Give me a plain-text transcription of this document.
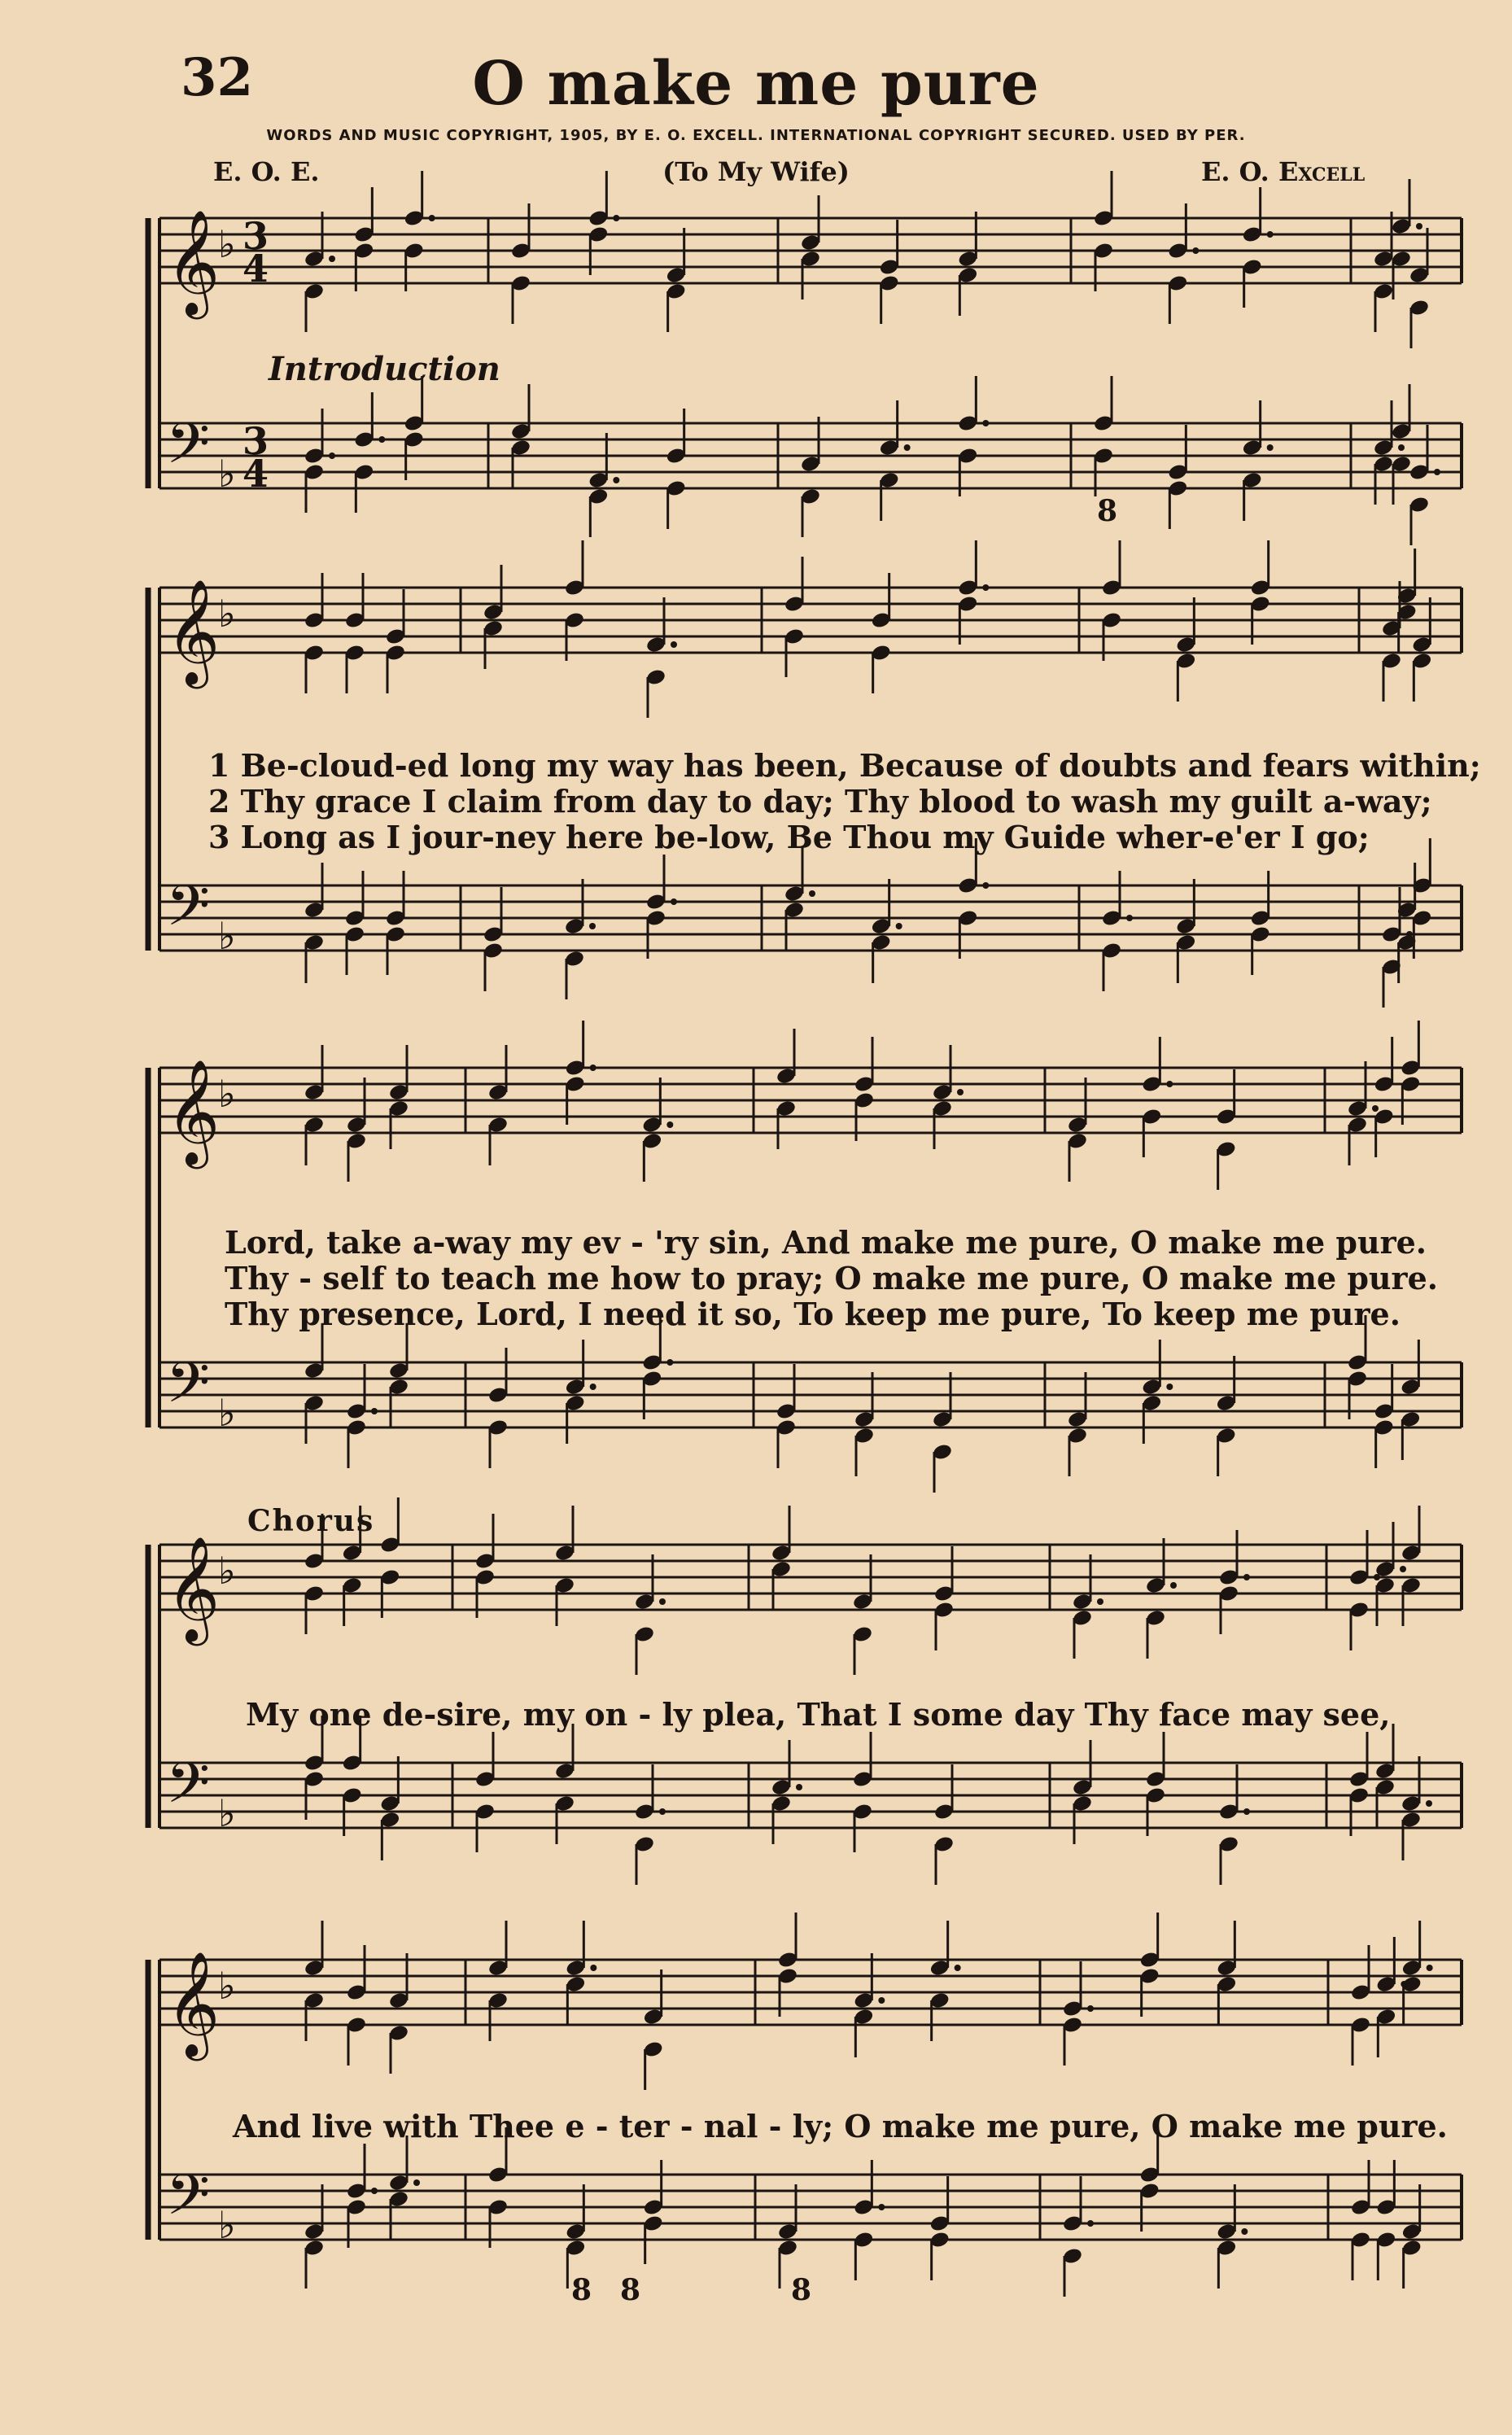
32	O make me pure
WORDS AND MUSIC COPYRIGHT, 1905, BY E. O. EXCELL. INTERNATIONAL COPYRIGHT SECURED. USED BY PER.
E. O. E.	(To My Wife)	E. O. Excell
𝄞
♭ 3
4
𝄢 ♭
3
4
𝄞
♭
𝄢 ♭
𝄞
♭
𝄢 ♭
𝄞
♭
𝄢 ♭
𝄞
♭
𝄢 ♭
8
8 8	8
Introduction
Chorus
1 Be-cloud-ed long my way has been, Because of doubts and fears within;
2 Thy grace I claim from day to day; Thy blood to wash my guilt a-way;
3 Long as I jour-ney here be-low, Be Thou my Guide wher-e'er I go;
Lord, take a-way my ev - 'ry sin, And make me pure, O make me pure.
Thy - self to teach me how to pray; O make me pure, O make me pure.
Thy presence, Lord, I need it so, To keep me pure, To keep me pure.
My one de-sire, my on - ly plea, That I some day Thy face may see,
And live with Thee e - ter - nal - ly; O make me pure, O make me pure.
